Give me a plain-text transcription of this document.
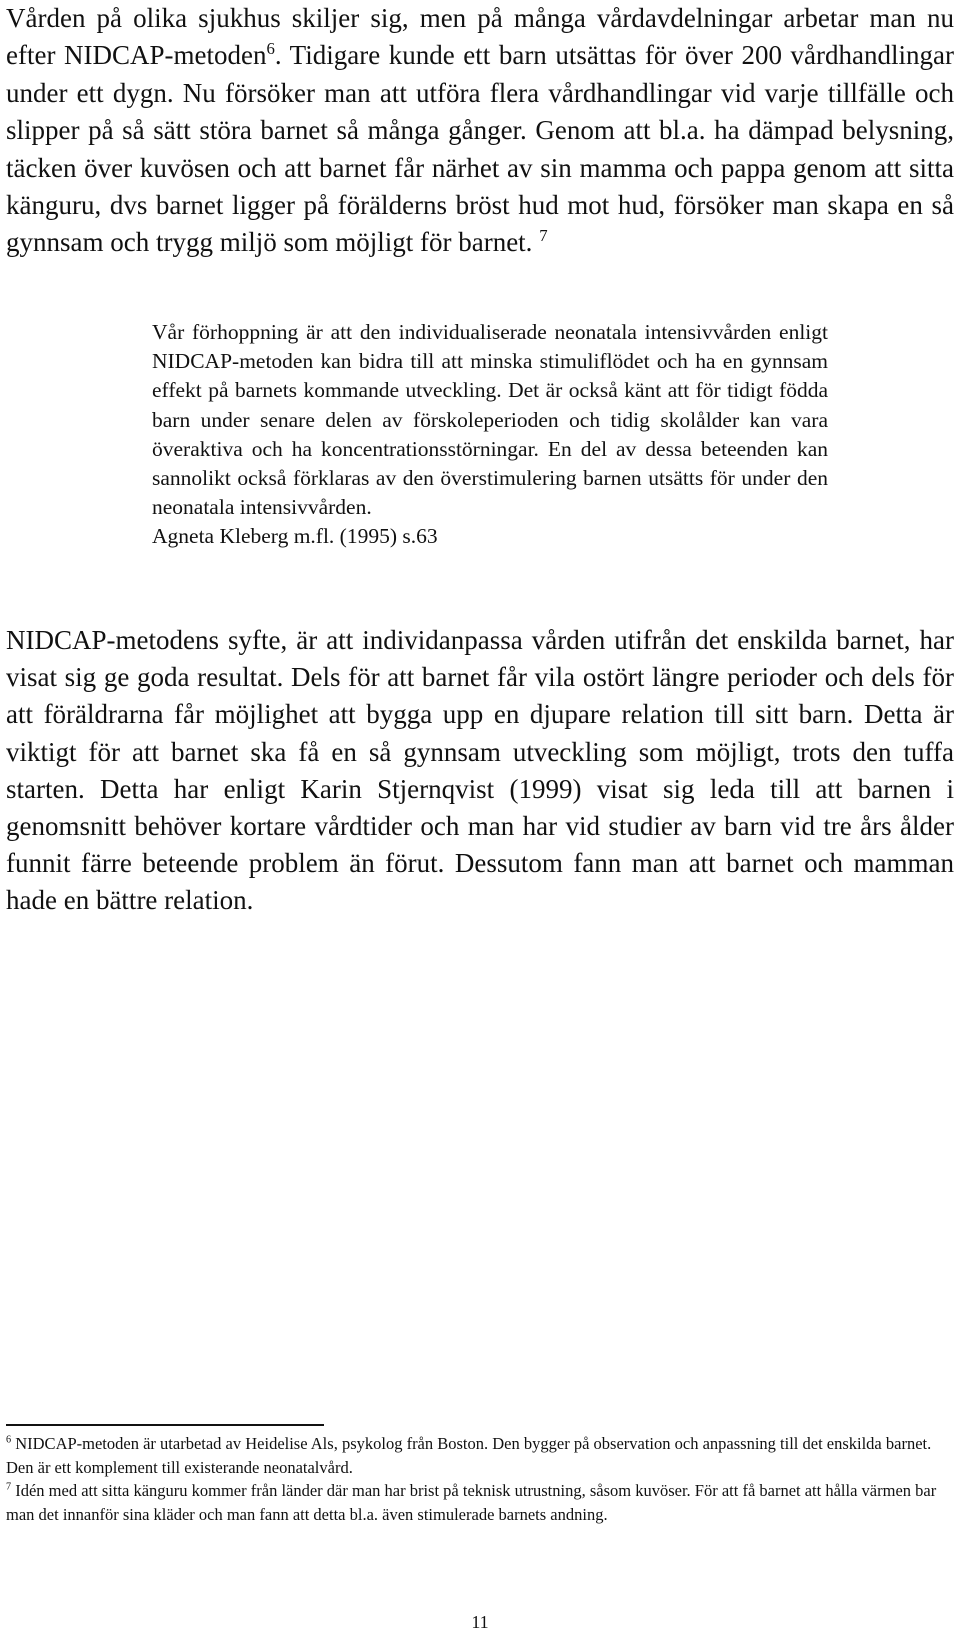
Vården på olika sjukhus skiljer sig, men på många vårdavdelningar arbetar man nu efter NIDCAP-metoden$^6$. Tidigare kunde ett barn utsättas för över 200 vårdhandlingar under ett dygn. Nu försöker man att utföra flera vårdhandlingar vid varje tillfälle och slipper på så sätt störa barnet så många gånger. Genom att bl.a. ha dämpad belysning, täcken över kuvösen och att barnet får närhet av sin mamma och pappa genom att sitta känguru, dvs barnet ligger på förälderns bröst hud mot hud, försöker man skapa en så gynnsam och trygg miljö som möjligt för barnet. $^7$

Vår förhoppning är att den individualiserade neonatala intensivvården enligt NIDCAP-metoden kan bidra till att minska stimuliflödet och ha en gynnsam effekt på barnets kommande utveckling. Det är också känt att för tidigt födda barn under senare delen av förskoleperioden och tidig skolålder kan vara överaktiva och ha koncentrationsstörningar. En del av dessa beteenden kan sannolikt också förklaras av den överstimulering barnen utsätts för under den neonatala intensivvården.

Agneta Kleberg m.fl. (1995) s.63

NIDCAP-metodens syfte, är att individanpassa vården utifrån det enskilda barnet, har visat sig ge goda resultat. Dels för att barnet får vila ostört längre perioder och dels för att föräldrarna får möjlighet att bygga upp en djupare relation till sitt barn. Detta är viktigt för att barnet ska få en så gynnsam utveckling som möjligt, trots den tuffa starten. Detta har enligt Karin Stjernqvist (1999) visat sig leda till att barnen i genomsnitt behöver kortare vårdtider och man har vid studier av barn vid tre års ålder funnit färre beteende problem än förut. Dessutom fann man att barnet och mamman hade en bättre relation.

$^6$ NIDCAP-metoden är utarbetad av Heidelise Als, psykolog från Boston. Den bygger på observation och anpassning till det enskilda barnet. Den är ett komplement till existerande neonatalvård.

$^7$ Idén med att sitta känguru kommer från länder där man har brist på teknisk utrustning, såsom kuvöser. För att få barnet att hålla värmen bar man det innanför sina kläder och man fann att detta bl.a. även stimulerade barnets andning.

11
